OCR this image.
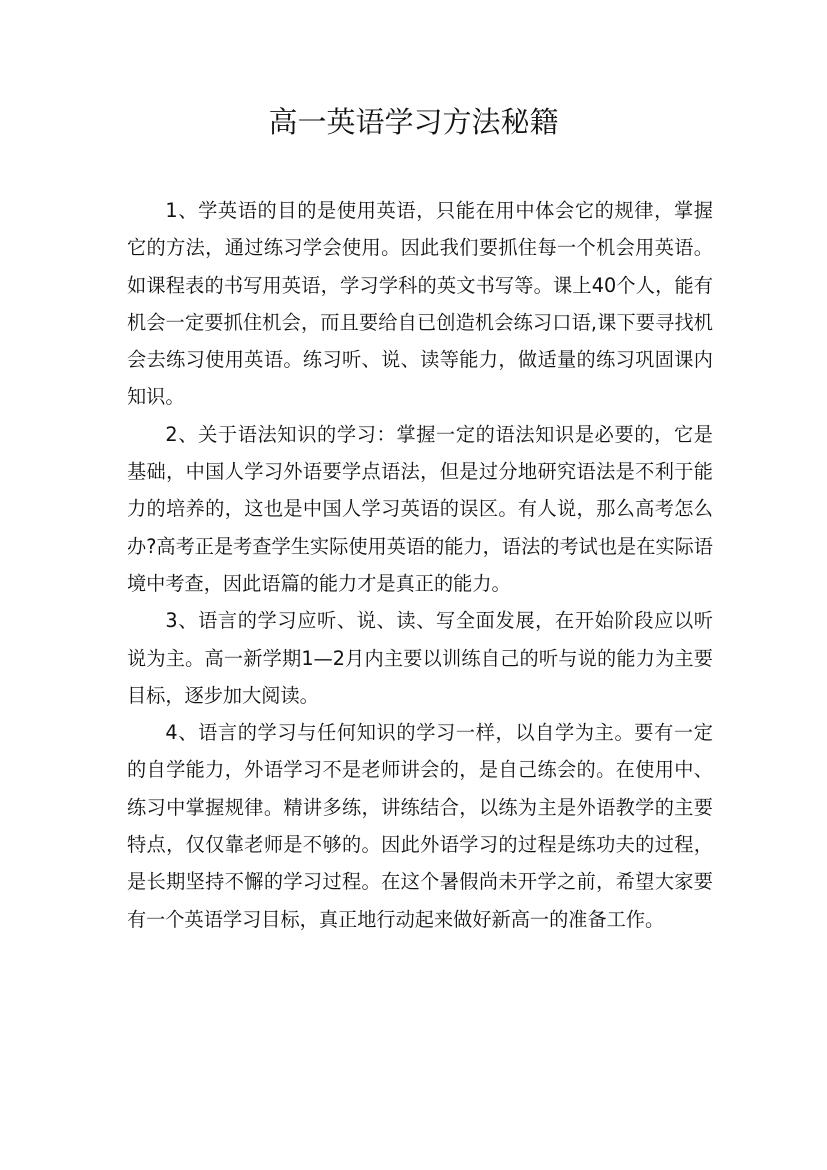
高一英语学习方法秘籍

1、学英语的目的是使用英语，只能在用中体会它的规律，掌握它的方法，通过练习学会使用。因此我们要抓住每一个机会用英语。如课程表的书写用英语，学习学科的英文书写等。课上40个人，能有机会一定要抓住机会，而且要给自已创造机会练习口语,课下要寻找机会去练习使用英语。练习听、说、读等能力，做适量的练习巩固课内知识。

2、关于语法知识的学习：掌握一定的语法知识是必要的，它是基础，中国人学习外语要学点语法，但是过分地研究语法是不利于能力的培养的，这也是中国人学习英语的误区。有人说，那么高考怎么办?高考正是考查学生实际使用英语的能力，语法的考试也是在实际语境中考查，因此语篇的能力才是真正的能力。

3、语言的学习应听、说、读、写全面发展，在开始阶段应以听说为主。高一新学期1—2月内主要以训练自己的听与说的能力为主要目标，逐步加大阅读。

4、语言的学习与任何知识的学习一样，以自学为主。要有一定的自学能力，外语学习不是老师讲会的，是自己练会的。在使用中、练习中掌握规律。精讲多练，讲练结合，以练为主是外语教学的主要特点，仅仅靠老师是不够的。因此外语学习的过程是练功夫的过程，是长期坚持不懈的学习过程。在这个暑假尚未开学之前，希望大家要有一个英语学习目标，真正地行动起来做好新高一的准备工作。
